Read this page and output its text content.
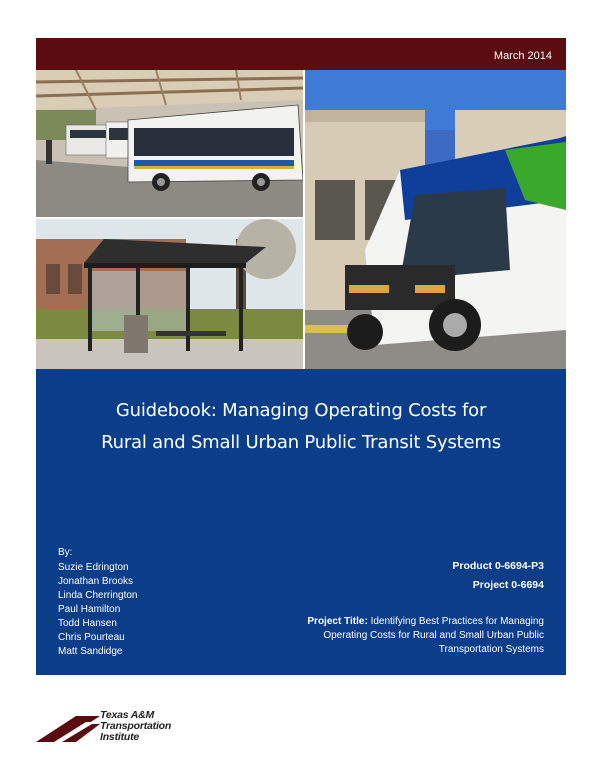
March 2014
Guidebook: Managing Operating Costs for
Rural and Small Urban Public Transit Systems
By:
Suzie Edrington
Jonathan Brooks
Linda Cherrington
Paul Hamilton
Todd Hansen
Chris Pourteau
Matt Sandidge
Product 0-6694-P3
Project 0-6694
Project Title: Identifying Best Practices for Managing Operating Costs for Rural and Small Urban Public Transportation Systems
Texas A&M
Transportation
Institute
